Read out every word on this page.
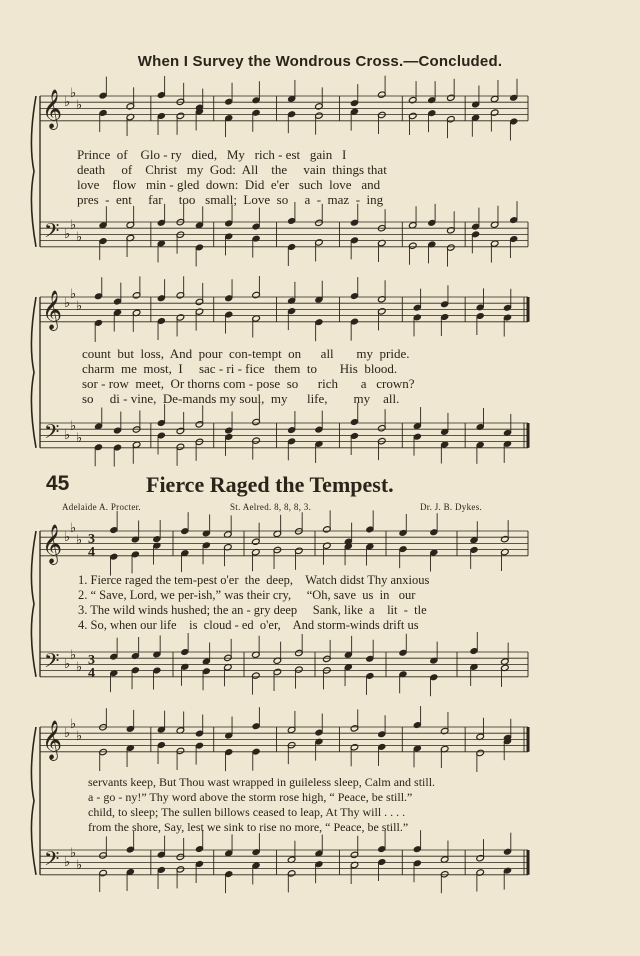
When I Survey the Wondrous Cross.—Concluded.
𝄞
𝄢
♭
♭
♭
♭
♭
♭
𝄞
𝄢
♭
♭
♭
♭
♭
♭
𝄞
𝄢
♭
♭
♭
♭
♭
♭
3
4
3
4
𝄞
𝄢
♭
♭
♭
♭
♭
♭
Prince  of    Glo - ry   died,   My   rich - est   gain   I
death     of    Christ   my  God:  All    the     vain  things that
love    flow   min - gled  down:  Did  e'er   such  love   and
pres  -  ent     far     too   small;  Love  so     a  -  maz  -  ing
count  but  loss,  And  pour  con-tempt  on      all       my  pride.
charm  me  most,  I     sac - ri - fice   them  to       His  blood.
sor - row  meet,  Or thorns com - pose  so      rich       a   crown?
so     di - vine,  De-mands my soul,  my      life,        my    all.
45	Fierce Raged the Tempest.
Adelaide A. Procter.	St. Aelred. 8, 8, 8, 3.	Dr. J. B. Dykes.
1. Fierce raged the tem-pest o'er  the  deep,    Watch didst Thy anxious
2. “ Save, Lord, we per-ish,” was their cry,     “Oh, save  us  in   our
3. The wild winds hushed; the an - gry deep     Sank, like  a    lit  -  tle
4. So, when our life    is  cloud - ed  o'er,    And storm-winds drift us
servants keep, But Thou wast wrapped in guileless sleep, Calm and still.
a - go - ny!” Thy word above the storm rose high, “ Peace, be still.”
child, to sleep; The sullen billows ceased to leap, At Thy will . . . .
from the shore, Say, lest we sink to rise no more, “ Peace, be still.”
